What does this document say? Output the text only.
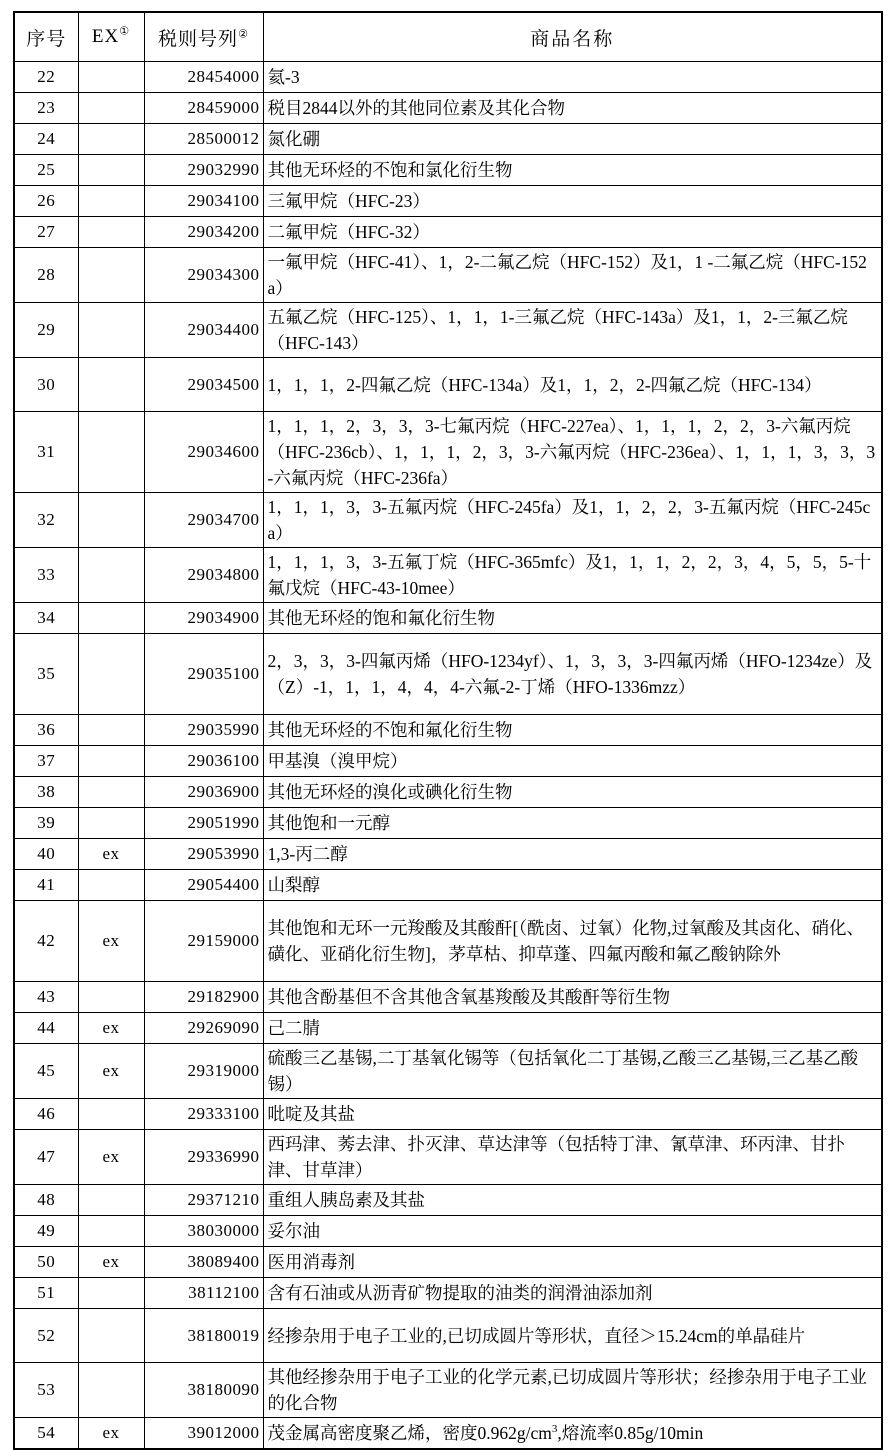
序号	EX①	税则号列②	商品名称
22		28454000	氦-3
23		28459000	税目2844以外的其他同位素及其化合物
24		28500012	氮化硼
25		29032990	其他无环烃的不饱和氯化衍生物
26		29034100	三氟甲烷（HFC-23）
27		29034200	二氟甲烷（HFC-32）
28		29034300	一氟甲烷（HFC-41）、1，2-二氟乙烷（HFC-152）及1，1 -二氟乙烷（HFC-152a）
29		29034400	五氟乙烷（HFC-125）、1，1，1-三氟乙烷（HFC-143a）及1，1，2-三氟乙烷（HFC-143）
30		29034500	1，1，1，2-四氟乙烷（HFC-134a）及1，1，2，2-四氟乙烷（HFC-134）
31		29034600	1，1，1，2，3，3，3-七氟丙烷（HFC-227ea）、1，1，1，2，2，3-六氟丙烷（HFC-236cb）、1，1，1，2，3，3-六氟丙烷（HFC-236ea）、1，1，1，3，3，3-六氟丙烷（HFC-236fa）
32		29034700	1，1，1，3，3-五氟丙烷（HFC-245fa）及1，1，2，2，3-五氟丙烷（HFC-245ca）
33		29034800	1，1，1，3，3-五氟丁烷（HFC-365mfc）及1，1，1，2，2，3，4，5，5，5-十氟戊烷（HFC-43-10mee）
34		29034900	其他无环烃的饱和氟化衍生物
35		29035100	2，3，3，3-四氟丙烯（HFO-1234yf）、1，3，3，3-四氟丙烯（HFO-1234ze）及（Z）-1，1，1，4，4，4-六氟-2-丁烯（HFO-1336mzz）
36		29035990	其他无环烃的不饱和氟化衍生物
37		29036100	甲基溴（溴甲烷）
38		29036900	其他无环烃的溴化或碘化衍生物
39		29051990	其他饱和一元醇
40	ex	29053990	1,3-丙二醇
41		29054400	山梨醇
42	ex	29159000	其他饱和无环一元羧酸及其酸酐[（酰卤、过氧）化物,过氧酸及其卤化、硝化、磺化、亚硝化衍生物]，茅草枯、抑草蓬、四氟丙酸和氟乙酸钠除外
43		29182900	其他含酚基但不含其他含氧基羧酸及其酸酐等衍生物
44	ex	29269090	己二腈
45	ex	29319000	硫酸三乙基锡,二丁基氧化锡等（包括氧化二丁基锡,乙酸三乙基锡,三乙基乙酸锡）
46		29333100	吡啶及其盐
47	ex	29336990	西玛津、莠去津、扑灭津、草达津等（包括特丁津、氰草津、环丙津、甘扑津、甘草津）
48		29371210	重组人胰岛素及其盐
49		38030000	妥尔油
50	ex	38089400	医用消毒剂
51		38112100	含有石油或从沥青矿物提取的油类的润滑油添加剂
52		38180019	经掺杂用于电子工业的,已切成圆片等形状，直径＞15.24cm的单晶硅片
53		38180090	其他经掺杂用于电子工业的化学元素,已切成圆片等形状；经掺杂用于电子工业的化合物
54	ex	39012000	茂金属高密度聚乙烯，密度$0.962g/cm^3$,熔流率0.85g/10min
